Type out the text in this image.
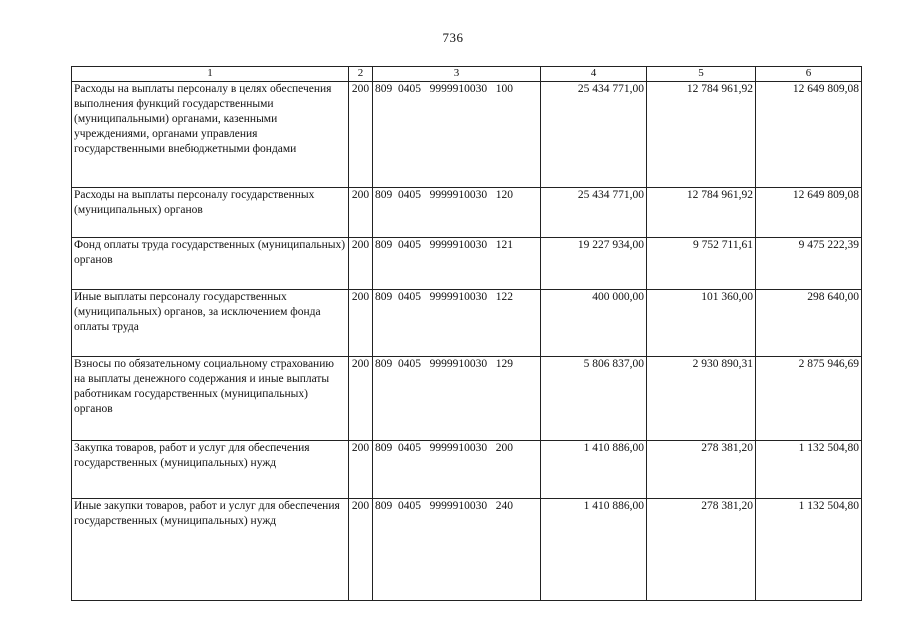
736
1	2	3	4	5	6
Расходы на выплаты персоналу в целях обеспечения выполнения функций государственными (муниципальными) органами, казенными учреждениями, органами управления государственными внебюджетными фондами	200	809  0405   9999910030   100	25 434 771,00	12 784 961,92	12 649 809,08
Расходы на выплаты персоналу государственных (муниципальных) органов	200	809  0405   9999910030   120	25 434 771,00	12 784 961,92	12 649 809,08
Фонд оплаты труда государственных (муниципальных) органов	200	809  0405   9999910030   121	19 227 934,00	9 752 711,61	9 475 222,39
Иные выплаты персоналу государственных (муниципальных) органов, за исключением фонда оплаты труда	200	809  0405   9999910030   122	400 000,00	101 360,00	298 640,00
Взносы по обязательному социальному страхованию на выплаты денежного содержания и иные выплаты работникам государственных (муниципальных) органов	200	809  0405   9999910030   129	5 806 837,00	2 930 890,31	2 875 946,69
Закупка товаров, работ и услуг для обеспечения государственных (муниципальных) нужд	200	809  0405   9999910030   200	1 410 886,00	278 381,20	1 132 504,80
Иные закупки товаров, работ и услуг для обеспечения государственных (муниципальных) нужд	200	809  0405   9999910030   240	1 410 886,00	278 381,20	1 132 504,80
